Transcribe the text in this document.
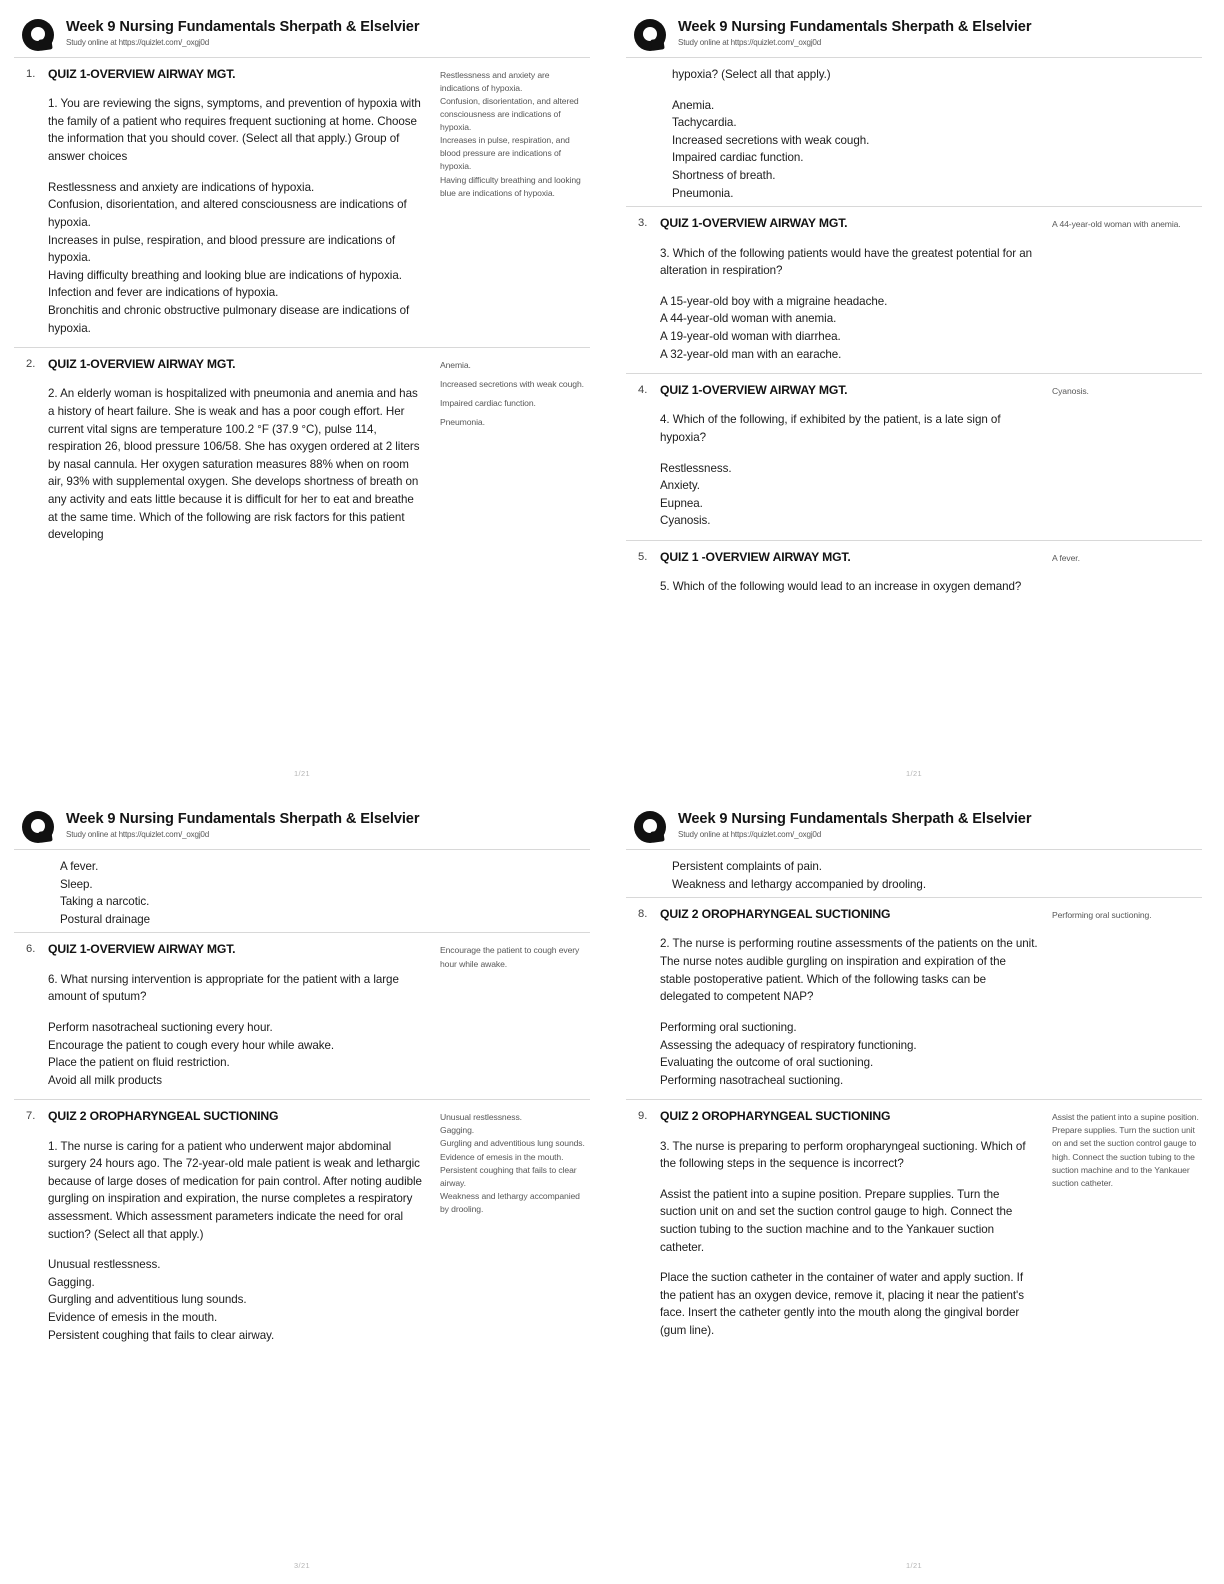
Week 9 Nursing Fundamentals Sherpath & Elselvier
Study online at https://quizlet.com/_oxgj0d
1.	QUIZ 1-OVERVIEW AIRWAY MGT.

1. You are reviewing the signs, symptoms, and prevention of hypoxia with the family of a patient who requires frequent suctioning at home. Choose the information that you should cover. (Select all that apply.) Group of answer choices

Restlessness and anxiety are indications of hypoxia.
Confusion, disorientation, and altered consciousness are indications of hypoxia.
Increases in pulse, respiration, and blood pressure are indications of hypoxia.
Having difficulty breathing and looking blue are indications of hypoxia.
Infection and fever are indications of hypoxia.
Bronchitis and chronic obstructive pulmonary disease are indications of hypoxia.

Restlessness and anxiety are indications of hypoxia.
Confusion, disorientation, and altered consciousness are indications of hypoxia.
Increases in pulse, respiration, and blood pressure are indications of hypoxia.
Having difficulty breathing and looking blue are indications of hypoxia.

2.	QUIZ 1-OVERVIEW AIRWAY MGT.

2. An elderly woman is hospitalized with pneumonia and anemia and has a history of heart failure. She is weak and has a poor cough effort. Her current vital signs are temperature 100.2 °F (37.9 °C), pulse 114, respiration 26, blood pressure 106/58. She has oxygen ordered at 2 liters by nasal cannula. Her oxygen saturation measures 88% when on room air, 93% with supplemental oxygen. She develops shortness of breath on any activity and eats little because it is difficult for her to eat and breathe at the same time. Which of the following are risk factors for this patient developing

Anemia.

Increased secretions with weak cough.

Impaired cardiac function.

Pneumonia.

1/21
Week 9 Nursing Fundamentals Sherpath & Elselvier
Study online at https://quizlet.com/_oxgj0d

hypoxia? (Select all that apply.)

Anemia.
Tachycardia.
Increased secretions with weak cough.
Impaired cardiac function.
Shortness of breath.
Pneumonia.

3.	QUIZ 1-OVERVIEW AIRWAY MGT.

3. Which of the following patients would have the greatest potential for an alteration in respiration?

A 15-year-old boy with a migraine headache.
A 44-year-old woman with anemia.
A 19-year-old woman with diarrhea.
A 32-year-old man with an earache.

A 44-year-old woman with anemia.

4.	QUIZ 1-OVERVIEW AIRWAY MGT.

4. Which of the following, if exhibited by the patient, is a late sign of hypoxia?

Restlessness.
Anxiety.
Eupnea.
Cyanosis.

Cyanosis.

5.	QUIZ 1 -OVERVIEW AIRWAY MGT.

5. Which of the following would lead to an increase in oxygen demand?

A fever.

1/21
Week 9 Nursing Fundamentals Sherpath & Elselvier
Study online at https://quizlet.com/_oxgj0d

A fever.
Sleep.
Taking a narcotic.
Postural drainage

6.	QUIZ 1-OVERVIEW AIRWAY MGT.

6. What nursing intervention is appropriate for the patient with a large amount of sputum?

Perform nasotracheal suctioning every hour.
Encourage the patient to cough every hour while awake.
Place the patient on fluid restriction.
Avoid all milk products

Encourage the patient to cough every hour while awake.

7.	QUIZ 2 OROPHARYNGEAL SUCTIONING

1. The nurse is caring for a patient who underwent major abdominal surgery 24 hours ago. The 72-year-old male patient is weak and lethargic because of large doses of medication for pain control. After noting audible gurgling on inspiration and expiration, the nurse completes a respiratory assessment. Which assessment parameters indicate the need for oral suction? (Select all that apply.)

Unusual restlessness.
Gagging.
Gurgling and adventitious lung sounds.
Evidence of emesis in the mouth.
Persistent coughing that fails to clear airway.

Unusual restlessness.
Gagging.
Gurgling and adventitious lung sounds.
Evidence of emesis in the mouth.
Persistent coughing that fails to clear airway.
Weakness and lethargy accompanied by drooling.

3/21
Week 9 Nursing Fundamentals Sherpath & Elselvier
Study online at https://quizlet.com/_oxgj0d

Persistent complaints of pain.
Weakness and lethargy accompanied by drooling.

8.	QUIZ 2 OROPHARYNGEAL SUCTIONING

2. The nurse is performing routine assessments of the patients on the unit. The nurse notes audible gurgling on inspiration and expiration of the stable postoperative patient. Which of the following tasks can be delegated to competent NAP?

Performing oral suctioning.
Assessing the adequacy of respiratory functioning.
Evaluating the outcome of oral suctioning.
Performing nasotracheal suctioning.

Performing oral suctioning.

9.	QUIZ 2 OROPHARYNGEAL SUCTIONING

3. The nurse is preparing to perform oropharyngeal suctioning. Which of the following steps in the sequence is incorrect?

Assist the patient into a supine position. Prepare supplies. Turn the suction unit on and set the suction control gauge to high. Connect the suction tubing to the suction machine and to the Yankauer suction catheter.

Place the suction catheter in the container of water and apply suction. If the patient has an oxygen device, remove it, placing it near the patient's face. Insert the catheter gently into the mouth along the gingival border (gum line).

Assist the patient into a supine position. Prepare supplies. Turn the suction unit on and set the suction control gauge to high. Connect the suction tubing to the suction machine and to the Yankauer suction catheter.

1/21
